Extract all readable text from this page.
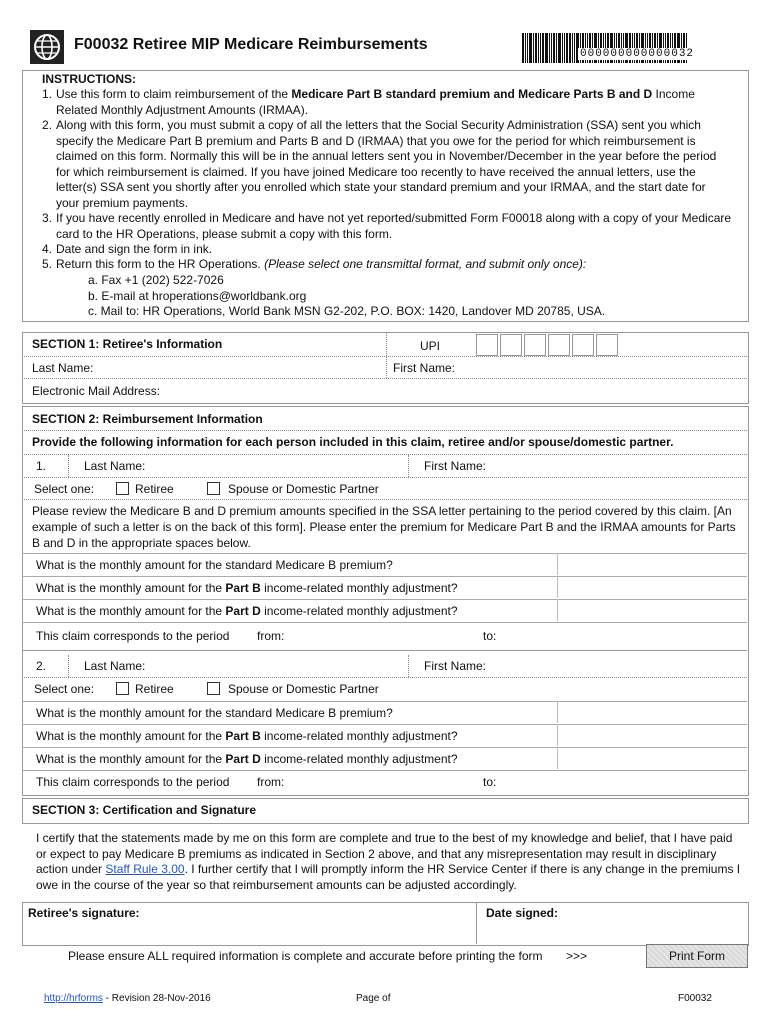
F00032 Retiree MIP Medicare Reimbursements
000000000000032
INSTRUCTIONS:
1. Use this form to claim reimbursement of the Medicare Part B standard premium and Medicare Parts B and D Income Related Monthly Adjustment Amounts (IRMAA).
2. Along with this form, you must submit a copy of all the letters that the Social Security Administration (SSA) sent you which specify the Medicare Part B premium and Parts B and D (IRMAA) that you owe for the period for which reimbursement is claimed on this form. Normally this will be in the annual letters sent you in November/December in the year before the period for which reimbursement is claimed. If you have joined Medicare too recently to have received the annual letters, use the letter(s) SSA sent you shortly after you enrolled which state your standard premium and your IRMAA, and the start date for your premium payments.
3. If you have recently enrolled in Medicare and have not yet reported/submitted Form F00018 along with a copy of your Medicare card to the HR Operations, please submit a copy with this form.
4. Date and sign the form in ink.
5. Return this form to the HR Operations. (Please select one transmittal format, and submit only once):
a. Fax +1 (202) 522-7026
b. E-mail at hroperations@worldbank.org
c. Mail to: HR Operations, World Bank MSN G2-202, P.O. BOX: 1420, Landover MD 20785, USA.
SECTION 1: Retiree's Information	UPI
Last Name:	First Name:
Electronic Mail Address:
SECTION 2: Reimbursement Information
Provide the following information for each person included in this claim, retiree and/or spouse/domestic partner.
1.	Last Name:	First Name:
Select one:	Retiree	Spouse or Domestic Partner
Please review the Medicare B and D premium amounts specified in the SSA letter pertaining to the period covered by this claim. [An example of such a letter is on the back of this form]. Please enter the premium for Medicare Part B and the IRMAA amounts for Parts B and D in the appropriate spaces below.
What is the monthly amount for the standard Medicare B premium?
What is the monthly amount for the Part B income-related monthly adjustment?
What is the monthly amount for the Part D income-related monthly adjustment?
This claim corresponds to the period from:	to:
2.	Last Name:	First Name:
Select one:	Retiree	Spouse or Domestic Partner
What is the monthly amount for the standard Medicare B premium?
What is the monthly amount for the Part B income-related monthly adjustment?
What is the monthly amount for the Part D income-related monthly adjustment?
This claim corresponds to the period from:	to:
SECTION 3: Certification and Signature
I certify that the statements made by me on this form are complete and true to the best of my knowledge and belief, that I have paid or expect to pay Medicare B premiums as indicated in Section 2 above, and that any misrepresentation may result in disciplinary action under Staff Rule 3.00. I further certify that I will promptly inform the HR Service Center if there is any change in the premiums I owe in the course of the year so that reimbursement amounts can be adjusted accordingly.
Retiree's signature:	Date signed:
Please ensure ALL required information is complete and accurate before printing the form >>>	Print Form
http://hrforms - Revision 28-Nov-2016	Page of	F00032
